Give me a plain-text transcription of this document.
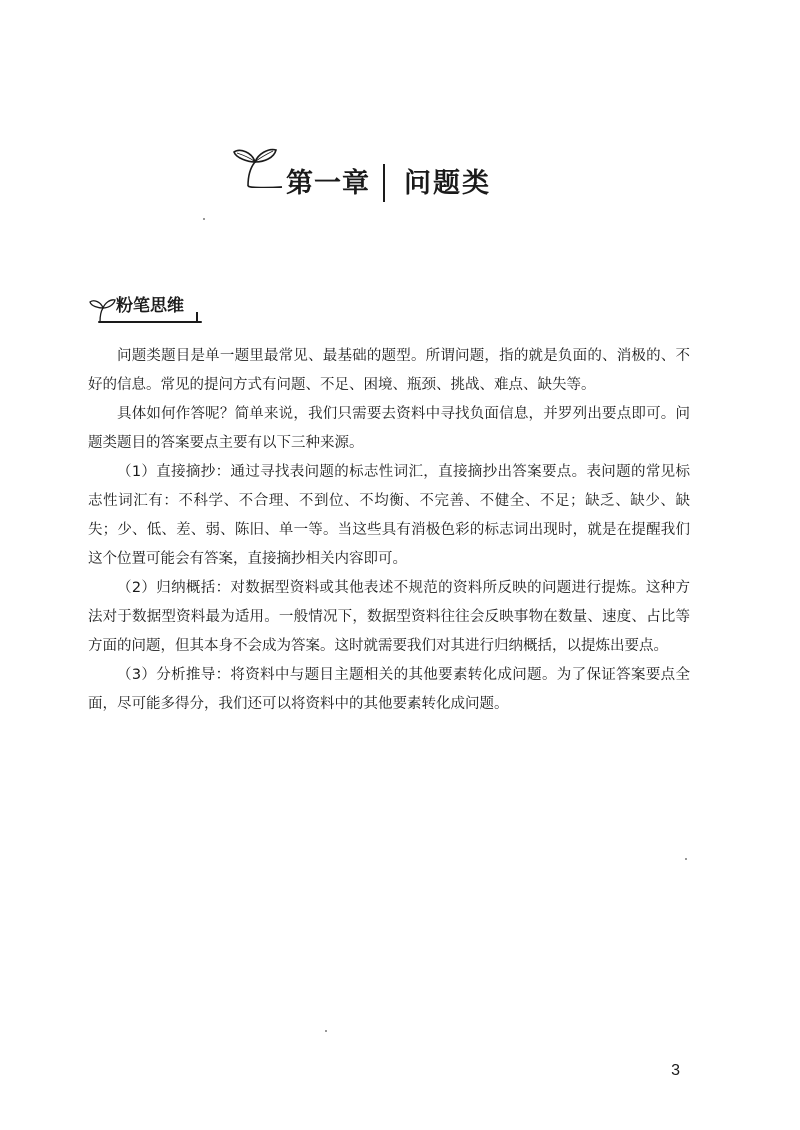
第一章 问题类
粉笔思维

问题类题目是单一题里最常见、最基础的题型。所谓问题，指的就是负面的、消极的、不好的信息。常见的提问方式有问题、不足、困境、瓶颈、挑战、难点、缺失等。

具体如何作答呢？简单来说，我们只需要去资料中寻找负面信息，并罗列出要点即可。问题类题目的答案要点主要有以下三种来源。

（1）直接摘抄：通过寻找表问题的标志性词汇，直接摘抄出答案要点。表问题的常见标志性词汇有：不科学、不合理、不到位、不均衡、不完善、不健全、不足；缺乏、缺少、缺失；少、低、差、弱、陈旧、单一等。当这些具有消极色彩的标志词出现时，就是在提醒我们这个位置可能会有答案，直接摘抄相关内容即可。

（2）归纳概括：对数据型资料或其他表述不规范的资料所反映的问题进行提炼。这种方法对于数据型资料最为适用。一般情况下，数据型资料往往会反映事物在数量、速度、占比等方面的问题，但其本身不会成为答案。这时就需要我们对其进行归纳概括，以提炼出要点。

（3）分析推导：将资料中与题目主题相关的其他要素转化成问题。为了保证答案要点全面，尽可能多得分，我们还可以将资料中的其他要素转化成问题。

3
